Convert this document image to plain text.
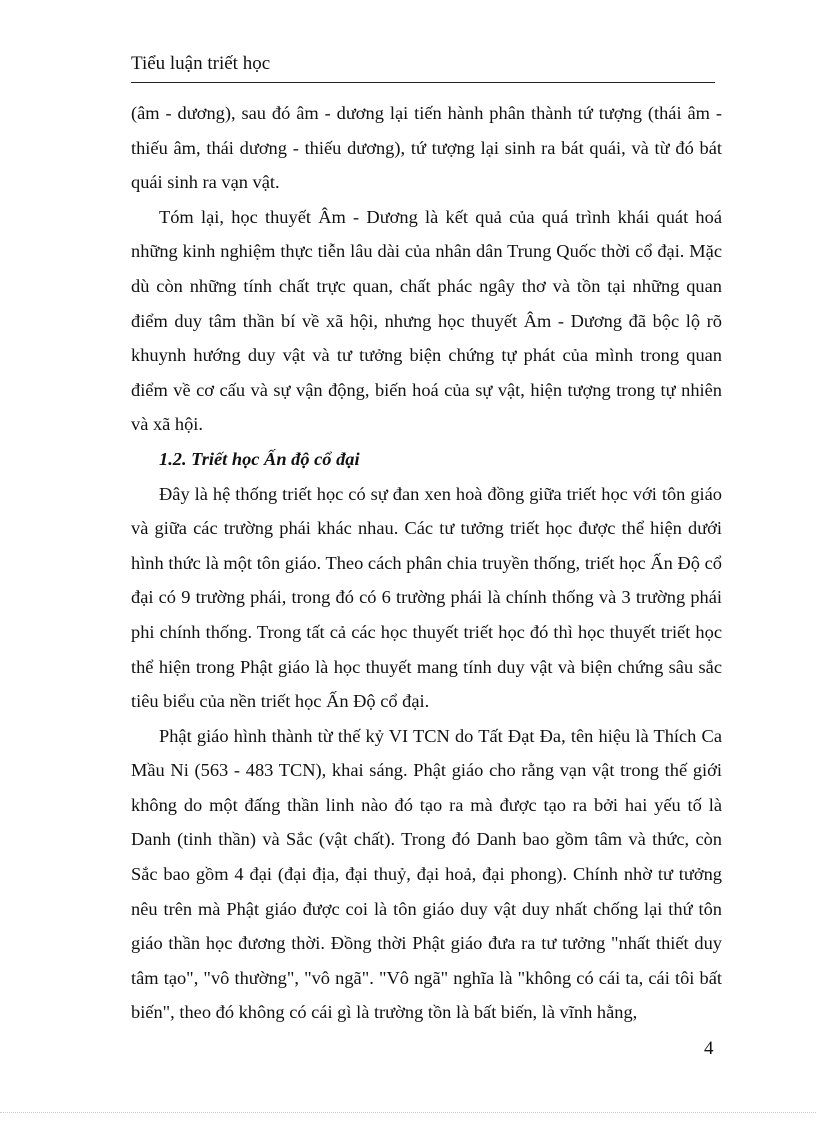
Tiểu luận triết học

(âm - dương), sau đó âm - dương lại tiến hành phân thành tứ tượng (thái âm - thiếu âm, thái dương - thiếu dương), tứ tượng lại sinh ra bát quái, và từ đó bát quái sinh ra vạn vật.

Tóm lại, học thuyết Âm - Dương là kết quả của quá trình khái quát hoá những kinh nghiệm thực tiễn lâu dài của nhân dân Trung Quốc thời cổ đại. Mặc dù còn những tính chất trực quan, chất phác ngây thơ và tồn tại những quan điểm duy tâm thần bí về xã hội, nhưng học thuyết Âm - Dương đã bộc lộ rõ khuynh hướng duy vật và tư tưởng biện chứng tự phát của mình trong quan điểm về cơ cấu và sự vận động, biến hoá của sự vật, hiện tượng trong tự nhiên và xã hội.

1.2. Triết học Ấn độ cổ đại

Đây là hệ thống triết học có sự đan xen hoà đồng giữa triết học với tôn giáo và giữa các trường phái khác nhau. Các tư tưởng triết học được thể hiện dưới hình thức là một tôn giáo. Theo cách phân chia truyền thống, triết học Ấn Độ cổ đại có 9 trường phái, trong đó có 6 trường phái là chính thống và 3 trường phái phi chính thống. Trong tất cả các học thuyết triết học đó thì học thuyết triết học thể hiện trong Phật giáo là học thuyết mang tính duy vật và biện chứng sâu sắc tiêu biểu của nền triết học Ấn Độ cổ đại.

Phật giáo hình thành từ thế kỷ VI TCN do Tất Đạt Đa, tên hiệu là Thích Ca Mầu Ni (563 - 483 TCN), khai sáng. Phật giáo cho rằng vạn vật trong thế giới không do một đấng thần linh nào đó tạo ra mà được tạo ra bởi hai yếu tố là Danh (tinh thần) và Sắc (vật chất). Trong đó Danh bao gồm tâm và thức, còn Sắc bao gồm 4 đại (đại địa, đại thuỷ, đại hoả, đại phong). Chính nhờ tư tưởng nêu trên mà Phật giáo được coi là tôn giáo duy vật duy nhất chống lại thứ tôn giáo thần học đương thời. Đồng thời Phật giáo đưa ra tư tưởng "nhất thiết duy tâm tạo", "vô thường", "vô ngã". "Vô ngã" nghĩa là "không có cái ta, cái tôi bất biến", theo đó không có cái gì là trường tồn là bất biến, là vĩnh hằng,

4
